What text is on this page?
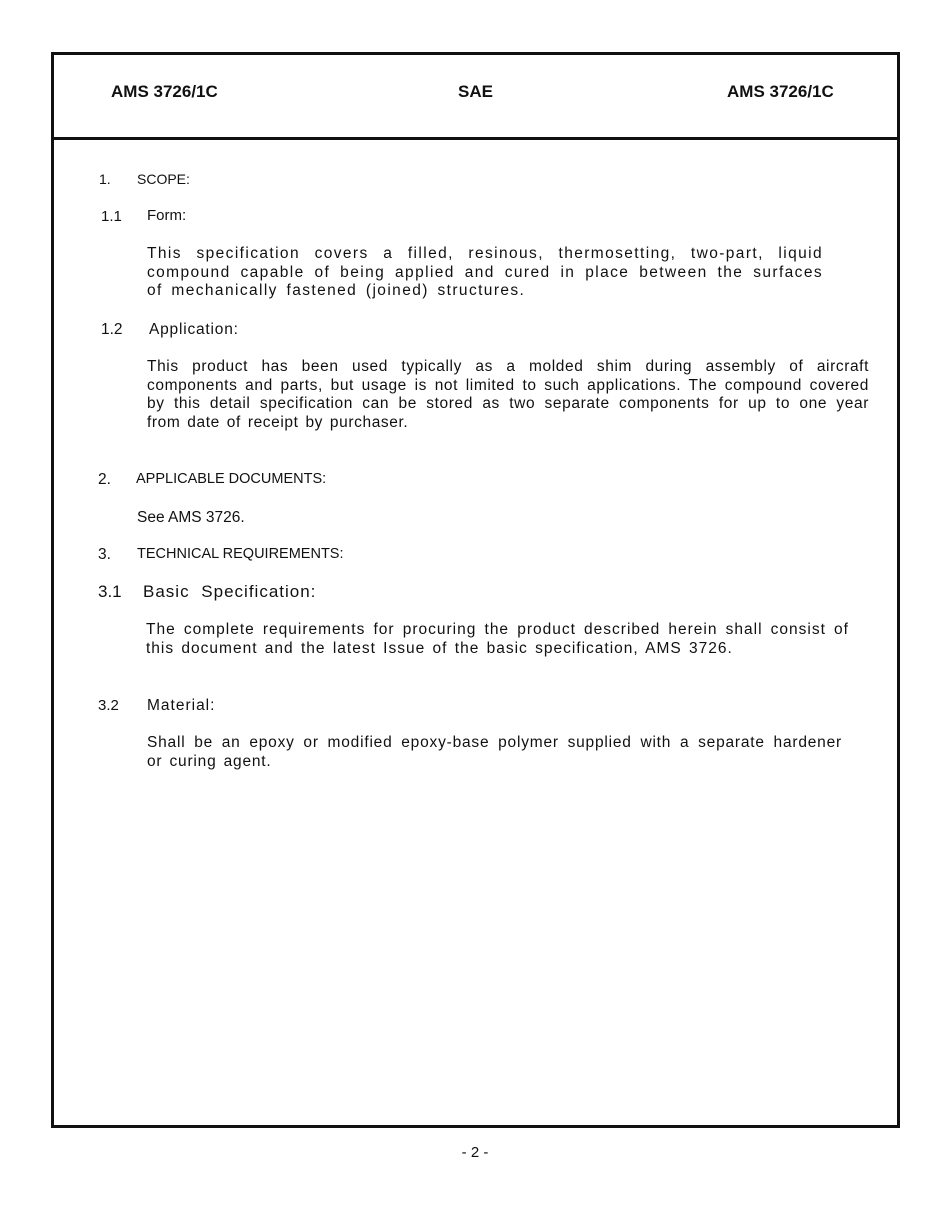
AMS 3726/1C	SAE	AMS 3726/1C
1. SCOPE:
1.1 Form:
This specification covers a filled, resinous, thermosetting, two-part, liquid compound capable of being applied and cured in place between the surfaces of mechanically fastened (joined) structures.
1.2 Application:
This product has been used typically as a molded shim during assembly of aircraft components and parts, but usage is not limited to such applications. The compound covered by this detail specification can be stored as two separate components for up to one year from date of receipt by purchaser.
2. APPLICABLE DOCUMENTS:
See AMS 3726.
3. TECHNICAL REQUIREMENTS:
3.1 Basic Specification:
The complete requirements for procuring the product described herein shall consist of this document and the latest Issue of the basic specification, AMS 3726.
3.2 Material:
Shall be an epoxy or modified epoxy-base polymer supplied with a separate hardener or curing agent.
- 2 -
